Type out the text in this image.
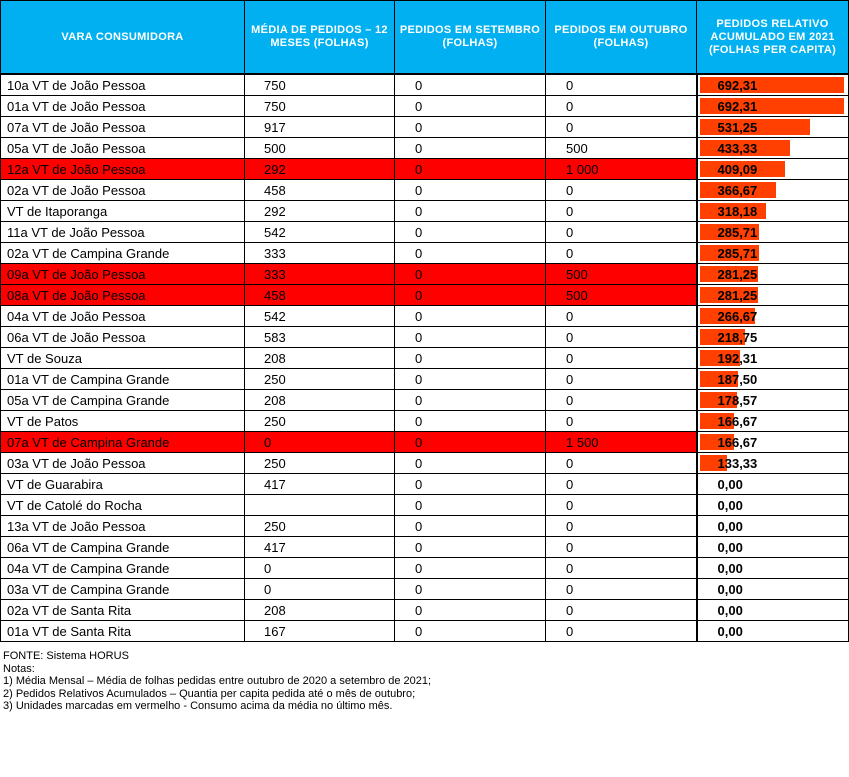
VARA CONSUMIDORA	MÉDIA DE PEDIDOS – 12 MESES (FOLHAS)	PEDIDOS EM SETEMBRO (FOLHAS)	PEDIDOS EM OUTUBRO (FOLHAS)	PEDIDOS RELATIVO ACUMULADO EM 2021 (FOLHAS PER CAPITA)
10a VT de João Pessoa	750	0	0	692,31
01a VT de João Pessoa	750	0	0	692,31
07a VT de João Pessoa	917	0	0	531,25
05a VT de João Pessoa	500	0	500	433,33
12a VT de João Pessoa	292	0	1 000	409,09
02a VT de João Pessoa	458	0	0	366,67
VT de Itaporanga	292	0	0	318,18
11a VT de João Pessoa	542	0	0	285,71
02a VT de Campina Grande	333	0	0	285,71
09a VT de João Pessoa	333	0	500	281,25
08a VT de João Pessoa	458	0	500	281,25
04a VT de João Pessoa	542	0	0	266,67
06a VT de João Pessoa	583	0	0	218,75
VT de Souza	208	0	0	192,31
01a VT de Campina Grande	250	0	0	187,50
05a VT de Campina Grande	208	0	0	178,57
VT de Patos	250	0	0	166,67
07a VT de Campina Grande	0	0	1 500	166,67
03a VT de João Pessoa	250	0	0	133,33
VT de Guarabira	417	0	0	0,00
VT de Catolé do Rocha		0	0	0,00
13a VT de João Pessoa	250	0	0	0,00
06a VT de Campina Grande	417	0	0	0,00
04a VT de Campina Grande	0	0	0	0,00
03a VT de Campina Grande	0	0	0	0,00
02a VT de Santa Rita	208	0	0	0,00
01a VT de Santa Rita	167	0	0	0,00
FONTE: Sistema HORUS
Notas:
1) Média Mensal – Média de folhas pedidas entre outubro de 2020 a setembro de 2021;
2) Pedidos Relativos Acumulados – Quantia per capita pedida até o mês de outubro;
3) Unidades marcadas em vermelho - Consumo acima da média no último mês.
